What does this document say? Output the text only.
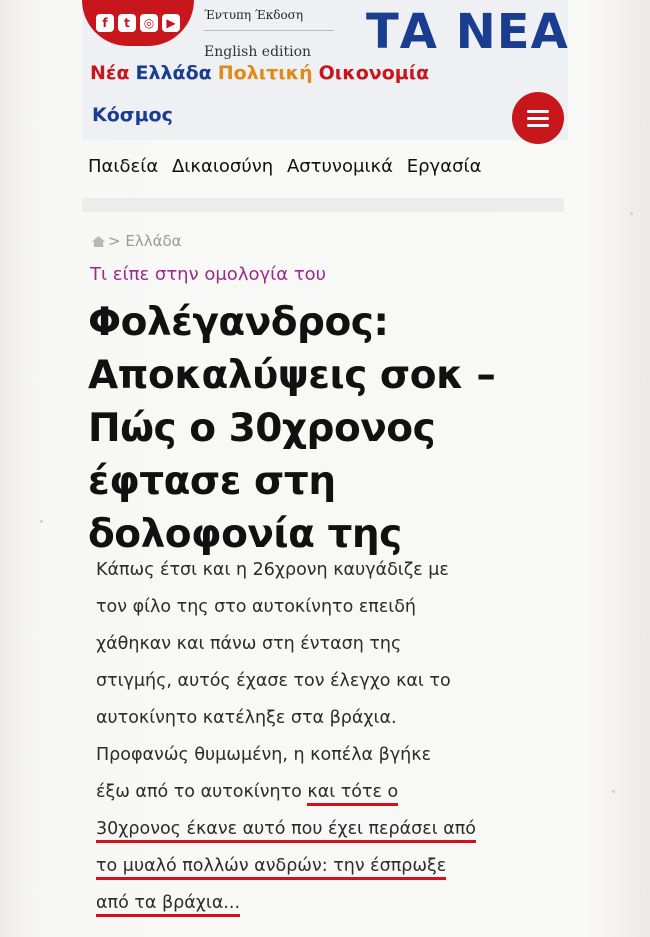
f	t	◎	▶
Έντυπη Έκδοση
English edition ΤΑ ΝΕΑ
Νέα Ελλάδα Πολιτική Οικονομία
Κόσμος
Παιδεία Δικαιοσύνη Αστυνομικά Εργασία
> Ελλάδα
Τι είπε στην ομολογία του
Φολέγανδρος:
Αποκαλύψεις σοκ –
Πώς ο 30χρονος
έφτασε στη
δολοφονία της
Κάπως έτσι και η 26χρονη καυγάδιζε με
τον φίλο της στο αυτοκίνητο επειδή
χάθηκαν και πάνω στη ένταση της
στιγμής, αυτός έχασε τον έλεγχο και το
αυτοκίνητο κατέληξε στα βράχια.
Προφανώς θυμωμένη, η κοπέλα βγήκε
έξω από το αυτοκίνητο και τότε ο
30χρονος έκανε αυτό που έχει περάσει από
το μυαλό πολλών ανδρών: την έσπρωξε
από τα βράχια...
